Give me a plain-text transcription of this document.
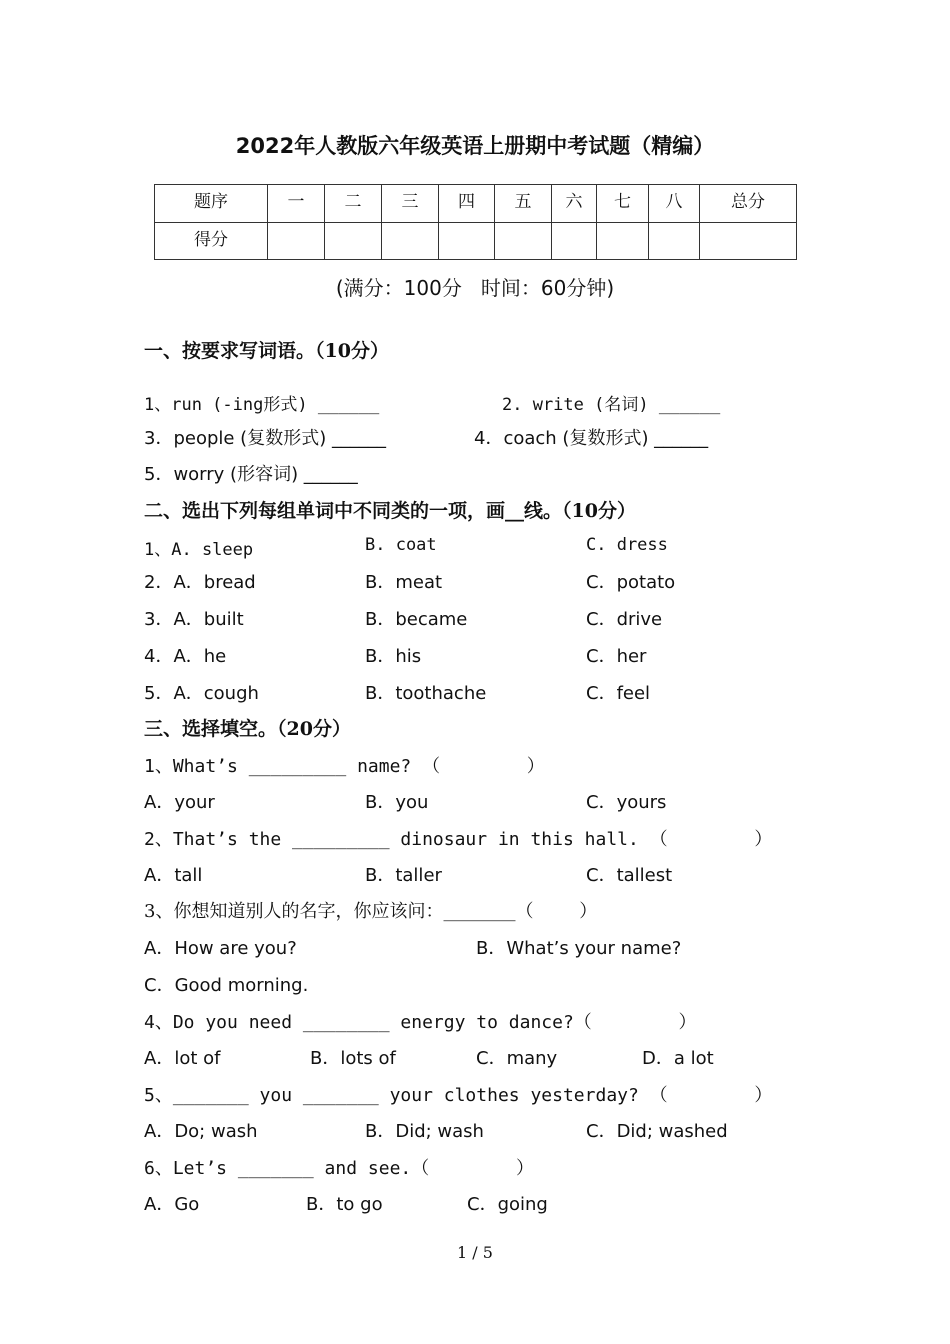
2022年人教版六年级英语上册期中考试题（精编）
题序	一	二	三	四	五	六	七	八	总分
得分									
(满分：100分   时间：60分钟)
一、按要求写词语。（10分）
1、run (-ing形式) ______	2. write (名词) ______
3．people (复数形式) ______	4．coach (复数形式) ______
5．worry (形容词) ______
二、选出下列每组单词中不同类的一项，画__线。（10分）
1、A. sleep	B. coat	C. dress
2．A．bread	B．meat	C．potato
3．A．built	B．became	C．drive
4．A．he	B．his	C．her
5．A．cough	B．toothache	C．feel
三、选择填空。（20分）
1、What’s _________ name? （        ）
A．your	B．you	C．yours
2、That’s the _________ dinosaur in this hall. （        ）
A．tall	B．taller	C．tallest
3、你想知道别人的名字，你应该问：________（        ）
A．How are you?	B．What’s your name?
C．Good morning.
4、Do you need ________ energy to dance?（        ）
A．lot of	B．lots of	C．many	D．a lot
5、_______ you _______ your clothes yesterday? （        ）
A．Do; wash	B．Did; wash	C．Did; washed
6、Let’s _______ and see.（        ）
A．Go	B．to go	C．going
1 / 5
